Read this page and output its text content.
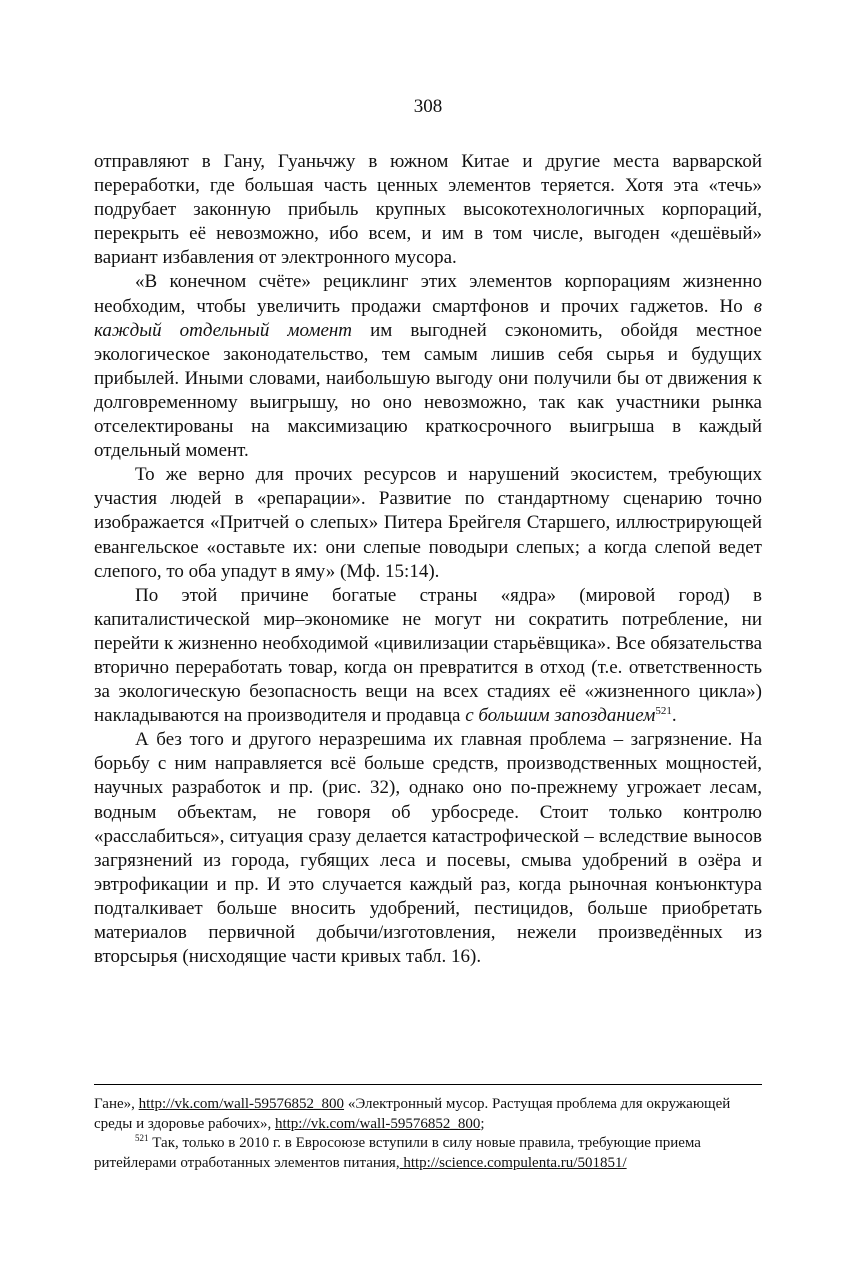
308

отправляют в Гану, Гуаньчжу в южном Китае и другие места варварской переработки, где большая часть ценных элементов теряется. Хотя эта «течь» подрубает законную прибыль крупных высокотехнологичных корпораций, перекрыть её невозможно, ибо всем, и им в том числе, выгоден «дешёвый» вариант избавления от электронного мусора.

«В конечном счёте» рециклинг этих элементов корпорациям жизненно необходим, чтобы увеличить продажи смартфонов и прочих гаджетов. Но в каждый отдельный момент им выгодней сэкономить, обойдя местное экологическое законодательство, тем самым лишив себя сырья и будущих прибылей. Иными словами, наибольшую выгоду они получили бы от движения к долговременному выигрышу, но оно невозможно, так как участники рынка отселектированы на максимизацию краткосрочного выигрыша в каждый отдельный момент.

То же верно для прочих ресурсов и нарушений экосистем, требующих участия людей в «репарации». Развитие по стандартному сценарию точно изображается «Притчей о слепых» Питера Брейгеля Старшего, иллюстрирующей евангельское «оставьте их: они слепые поводыри слепых; а когда слепой ведет слепого, то оба упадут в яму» (Мф. 15:14).

По этой причине богатые страны «ядра» (мировой город) в капиталистической мир–экономике не могут ни сократить потребление, ни перейти к жизненно необходимой «цивилизации старьёвщика». Все обязательства вторично переработать товар, когда он превратится в отход (т.е. ответственность за экологическую безопасность вещи на всех стадиях её «жизненного цикла») накладываются на производителя и продавца с большим запозданием$^{521}$.

А без того и другого неразрешима их главная проблема – загрязнение. На борьбу с ним направляется всё больше средств, производственных мощностей, научных разработок и пр. (рис. 32), однако оно по-прежнему угрожает лесам, водным объектам, не говоря об урбосреде. Стоит только контролю «расслабиться», ситуация сразу делается катастрофической – вследствие выносов загрязнений из города, губящих леса и посевы, смыва удобрений в озёра и эвтрофикации и пр. И это случается каждый раз, когда рыночная конъюнктура подталкивает больше вносить удобрений, пестицидов, больше приобретать материалов первичной добычи/изготовления, нежели произведённых из вторсырья (нисходящие части кривых табл. 16).

Гане», http://vk.com/wall-59576852_800 «Электронный мусор. Растущая проблема для окружающей среды и здоровье рабочих», http://vk.com/wall-59576852_800;

$^{521}$ Так, только в 2010 г. в Евросоюзе вступили в силу новые правила, требующие приема ритейлерами отработанных элементов питания, http://science.compulenta.ru/501851/
